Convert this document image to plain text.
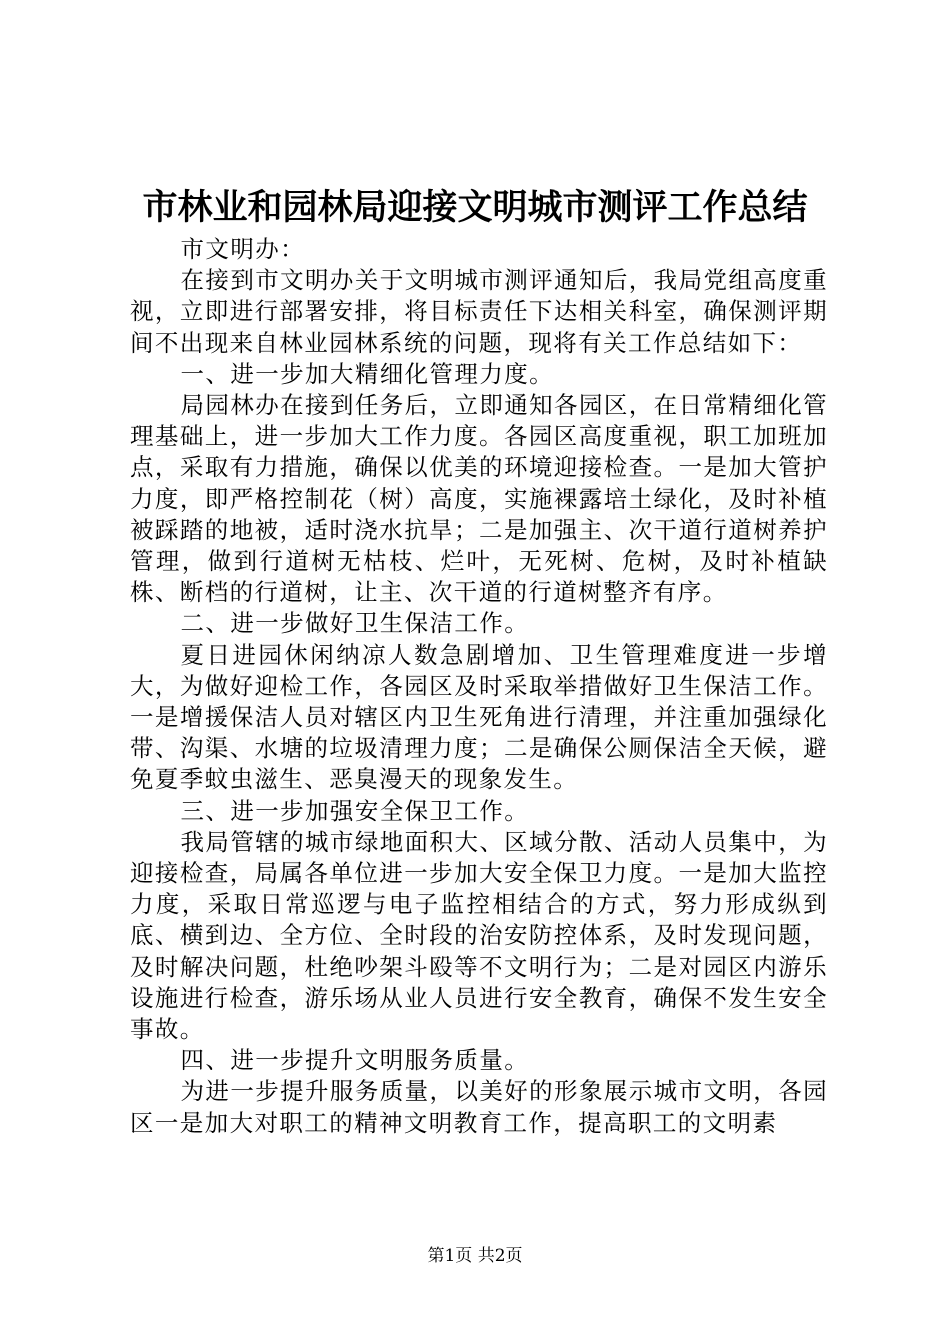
市林业和园林局迎接文明城市测评工作总结

市文明办：

在接到市文明办关于文明城市测评通知后，我局党组高度重视，立即进行部署安排，将目标责任下达相关科室，确保测评期间不出现来自林业园林系统的问题，现将有关工作总结如下：

一、进一步加大精细化管理力度。

局园林办在接到任务后，立即通知各园区，在日常精细化管理基础上，进一步加大工作力度。各园区高度重视，职工加班加点，采取有力措施，确保以优美的环境迎接检查。一是加大管护力度，即严格控制花（树）高度，实施裸露培土绿化，及时补植被踩踏的地被，适时浇水抗旱；二是加强主、次干道行道树养护管理，做到行道树无枯枝、烂叶，无死树、危树，及时补植缺株、断档的行道树，让主、次干道的行道树整齐有序。

二、进一步做好卫生保洁工作。

夏日进园休闲纳凉人数急剧增加、卫生管理难度进一步增大，为做好迎检工作，各园区及时采取举措做好卫生保洁工作。一是增援保洁人员对辖区内卫生死角进行清理，并注重加强绿化带、沟渠、水塘的垃圾清理力度；二是确保公厕保洁全天候，避免夏季蚊虫滋生、恶臭漫天的现象发生。

三、进一步加强安全保卫工作。

我局管辖的城市绿地面积大、区域分散、活动人员集中，为迎接检查，局属各单位进一步加大安全保卫力度。一是加大监控力度，采取日常巡逻与电子监控相结合的方式，努力形成纵到底、横到边、全方位、全时段的治安防控体系，及时发现问题，及时解决问题，杜绝吵架斗殴等不文明行为；二是对园区内游乐设施进行检查，游乐场从业人员进行安全教育，确保不发生安全事故。

四、进一步提升文明服务质量。

为进一步提升服务质量，以美好的形象展示城市文明，各园区一是加大对职工的精神文明教育工作，提高职工的文明素

第1页 共2页
